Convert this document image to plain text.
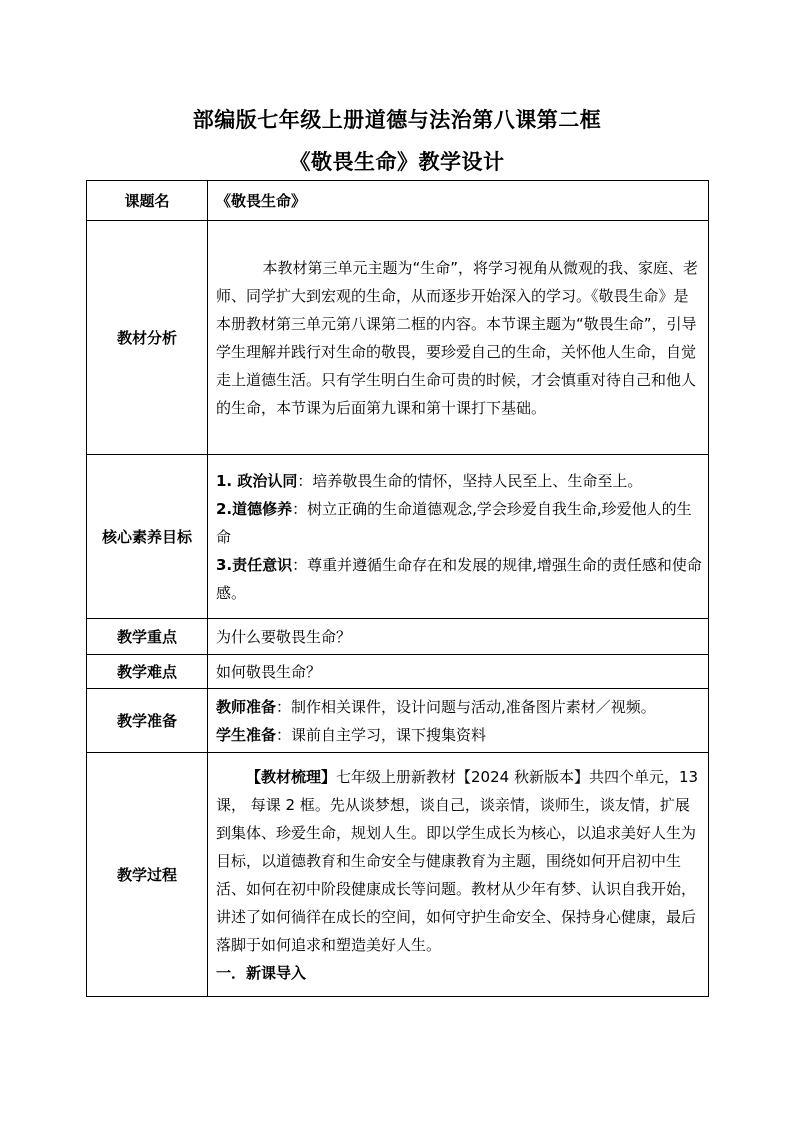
部编版七年级上册道德与法治第八课第二框
《敬畏生命》教学设计
课题名	《敬畏生命》
教材分析	本教材第三单元主题为“生命”，将学习视角从微观的我、家庭、老师、同学扩大到宏观的生命，从而逐步开始深入的学习。《敬畏生命》是本册教材第三单元第八课第二框的内容。本节课主题为“敬畏生命”，引导学生理解并践行对生命的敬畏，要珍爱自己的生命，关怀他人生命，自觉走上道德生活。只有学生明白生命可贵的时候，才会慎重对待自己和他人的生命，本节课为后面第九课和第十课打下基础。

核心素养目标	1. 政治认同：培养敬畏生命的情怀，坚持人民至上、生命至上。

2.道德修养：树立正确的生命道德观念,学会珍爱自我生命,珍爱他人的生命

3.责任意识：尊重并遵循生命存在和发展的规律,增强生命的责任感和使命感。

教学重点	为什么要敬畏生命？
教学难点	如何敬畏生命？
教学准备	教师准备：制作相关课件，设计问题与活动,准备图片素材／视频。

学生准备：课前自主学习，课下搜集资料

教学过程	【教材梳理】七年级上册新教材【2024 秋新版本】共四个单元，13 课， 每课 2 框。先从谈梦想，谈自己，谈亲情，谈师生，谈友情，扩展到集体、珍爱生命，规划人生。即以学生成长为核心，以追求美好人生为目标，以道德教育和生命安全与健康教育为主题，围绕如何开启初中生活、如何在初中阶段健康成长等问题。教材从少年有梦、认识自我开始，讲述了如何徜徉在成长的空间，如何守护生命安全、保持身心健康，最后落脚于如何追求和塑造美好人生。

一．新课导入
